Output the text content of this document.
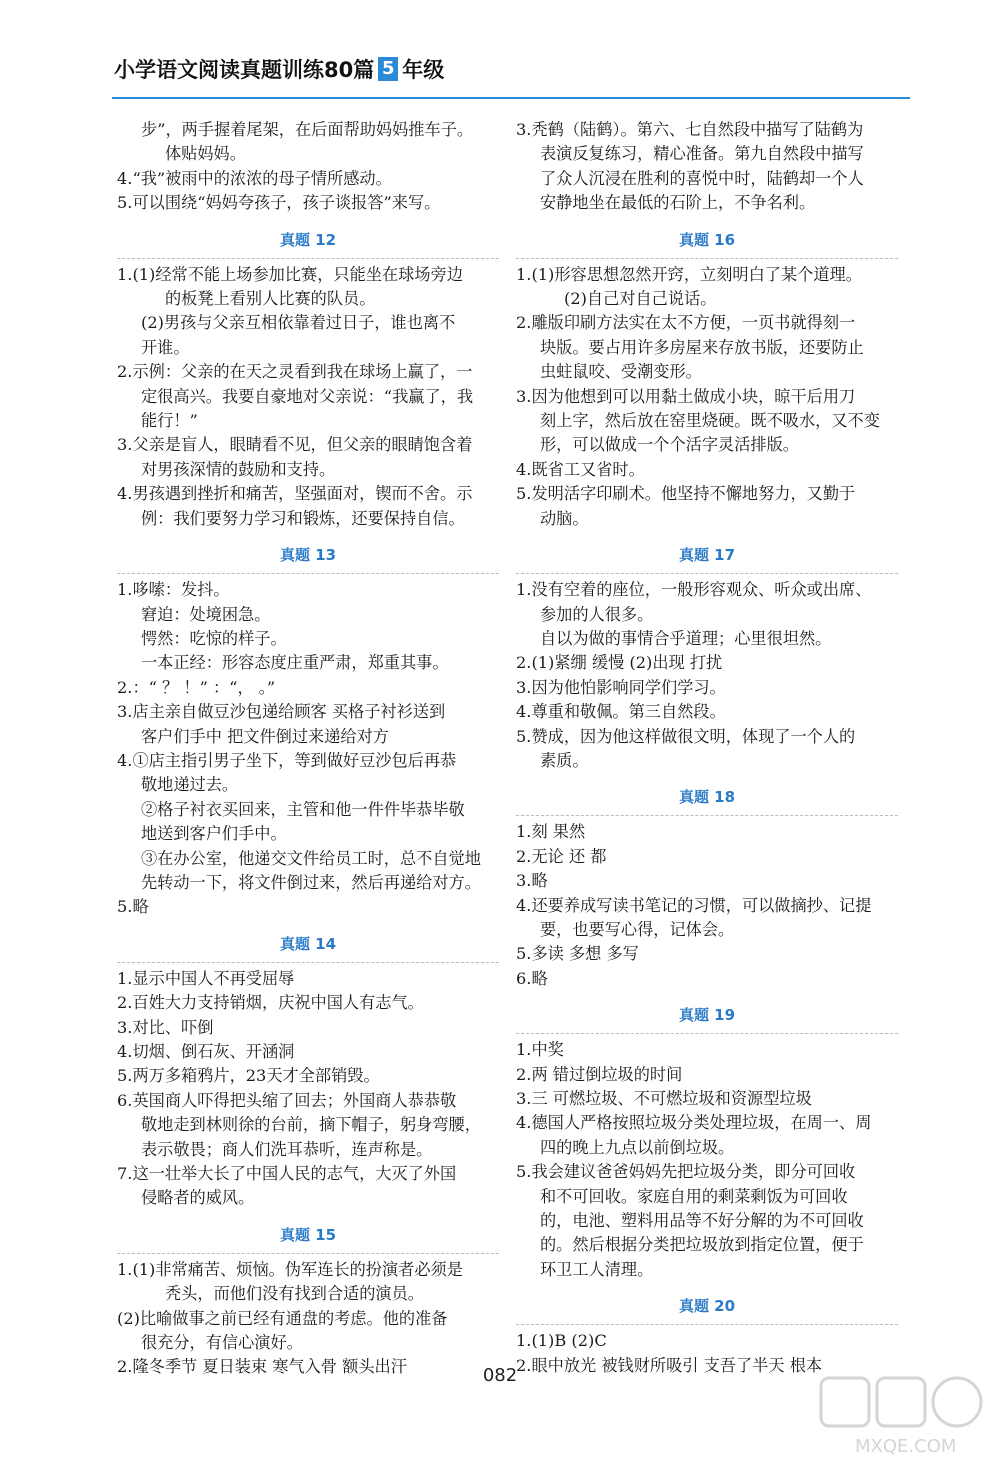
小学语文阅读真题训练80篇 5 年级
步”，两手握着尾架，在后面帮助妈妈推车子。
体贴妈妈。
4.“我”被雨中的浓浓的母子情所感动。
5.可以围绕“妈妈夸孩子，孩子谈报答”来写。
真题 12
1.(1)经常不能上场参加比赛，只能坐在球场旁边
的板凳上看别人比赛的队员。
(2)男孩与父亲互相依靠着过日子，谁也离不
开谁。
2.示例：父亲的在天之灵看到我在球场上赢了，一
定很高兴。我要自豪地对父亲说：“我赢了，我
能行！”
3.父亲是盲人，眼睛看不见，但父亲的眼睛饱含着
对男孩深情的鼓励和支持。
4.男孩遇到挫折和痛苦，坚强面对，锲而不舍。示
例：我们要努力学习和锻炼，还要保持自信。
真题 13
1.哆嗦：发抖。
窘迫：处境困急。
愕然：吃惊的样子。
一本正经：形容态度庄重严肃，郑重其事。
2.：“ ？ ！” ：“， 。”
3.店主亲自做豆沙包递给顾客 买格子衬衫送到
客户们手中 把文件倒过来递给对方
4.①店主指引男子坐下，等到做好豆沙包后再恭
敬地递过去。
②格子衬衣买回来，主管和他一件件毕恭毕敬
地送到客户们手中。
③在办公室，他递交文件给员工时，总不自觉地
先转动一下，将文件倒过来，然后再递给对方。
5.略
真题 14
1.显示中国人不再受屈辱
2.百姓大力支持销烟，庆祝中国人有志气。
3.对比、吓倒
4.切烟、倒石灰、开涵洞
5.两万多箱鸦片，23天才全部销毁。
6.英国商人吓得把头缩了回去；外国商人恭恭敬
敬地走到林则徐的台前，摘下帽子，躬身弯腰，
表示敬畏；商人们洗耳恭听，连声称是。
7.这一壮举大长了中国人民的志气，大灭了外国
侵略者的威风。
真题 15
1.(1)非常痛苦、烦恼。伪军连长的扮演者必须是
秃头，而他们没有找到合适的演员。
(2)比喻做事之前已经有通盘的考虑。他的准备
很充分，有信心演好。
2.隆冬季节 夏日装束 寒气入骨 额头出汗
3.秃鹤（陆鹤）。第六、七自然段中描写了陆鹤为
表演反复练习，精心准备。第九自然段中描写
了众人沉浸在胜利的喜悦中时，陆鹤却一个人
安静地坐在最低的石阶上，不争名利。
真题 16
1.(1)形容思想忽然开窍，立刻明白了某个道理。
(2)自己对自己说话。
2.雕版印刷方法实在太不方便，一页书就得刻一
块版。要占用许多房屋来存放书版，还要防止
虫蛀鼠咬、受潮变形。
3.因为他想到可以用黏土做成小块，晾干后用刀
刻上字，然后放在窑里烧硬。既不吸水，又不变
形，可以做成一个个活字灵活排版。
4.既省工又省时。
5.发明活字印刷术。他坚持不懈地努力，又勤于
动脑。
真题 17
1.没有空着的座位，一般形容观众、听众或出席、
参加的人很多。
自以为做的事情合乎道理；心里很坦然。
2.(1)紧绷 缓慢 (2)出现 打扰
3.因为他怕影响同学们学习。
4.尊重和敬佩。第三自然段。
5.赞成，因为他这样做很文明，体现了一个人的
素质。
真题 18
1.刻 果然
2.无论 还 都
3.略
4.还要养成写读书笔记的习惯，可以做摘抄、记提
要，也要写心得，记体会。
5.多读 多想 多写
6.略
真题 19
1.中奖
2.两 错过倒垃圾的时间
3.三 可燃垃圾、不可燃垃圾和资源型垃圾
4.德国人严格按照垃圾分类处理垃圾，在周一、周
四的晚上九点以前倒垃圾。
5.我会建议爸爸妈妈先把垃圾分类，即分可回收
和不可回收。家庭自用的剩菜剩饭为可回收
的，电池、塑料用品等不好分解的为不可回收
的。然后根据分类把垃圾放到指定位置，便于
环卫工人清理。
真题 20
1.(1)B (2)C
2.眼中放光 被钱财所吸引 支吾了半天 根本
082
MXQE.COM
